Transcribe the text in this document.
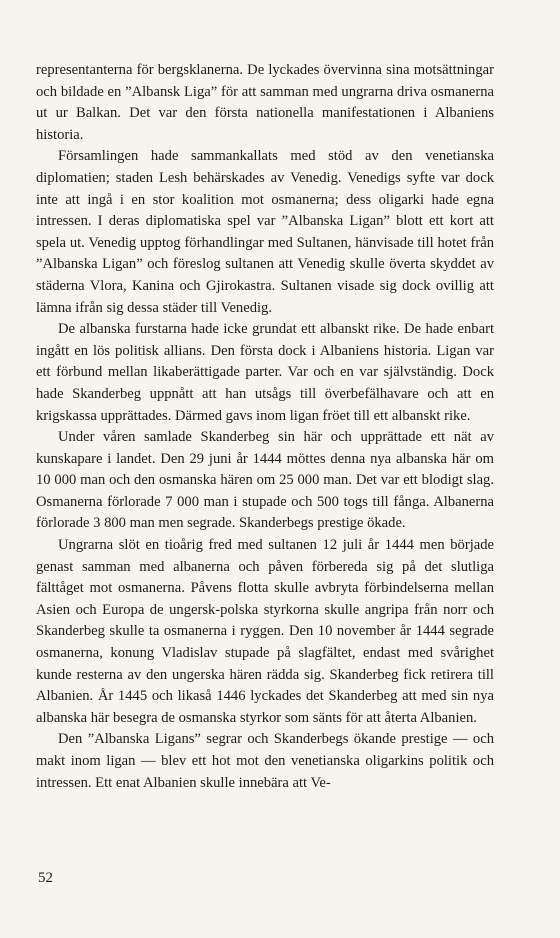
representanterna för bergsklanerna. De lyckades övervinna sina motsättningar och bildade en ”Albansk Liga” för att samman med ungrarna driva osmanerna ut ur Balkan. Det var den första nationella manifestationen i Albaniens historia.

Församlingen hade sammankallats med stöd av den venetianska diplomatien; staden Lesh behärskades av Venedig. Venedigs syfte var dock inte att ingå i en stor koalition mot osmanerna; dess oligarki hade egna intressen. I deras diplomatiska spel var ”Albanska Ligan” blott ett kort att spela ut. Venedig upptog förhandlingar med Sultanen, hänvisade till hotet från ”Albanska Ligan” och föreslog sultanen att Venedig skulle överta skyddet av städerna Vlora, Kanina och Gjirokastra. Sultanen visade sig dock ovillig att lämna ifrån sig dessa städer till Venedig.

De albanska furstarna hade icke grundat ett albanskt rike. De hade enbart ingått en lös politisk allians. Den första dock i Albaniens historia. Ligan var ett förbund mellan likaberättigade parter. Var och en var självständig. Dock hade Skanderbeg uppnått att han utsågs till överbefälhavare och att en krigskassa upprättades. Därmed gavs inom ligan fröet till ett albanskt rike.

Under våren samlade Skanderbeg sin här och upprättade ett nät av kunskapare i landet. Den 29 juni år 1444 möttes denna nya albanska här om 10 000 man och den osmanska hären om 25 000 man. Det var ett blodigt slag. Osmanerna förlorade 7 000 man i stupade och 500 togs till fånga. Albanerna förlorade 3 800 man men segrade. Skanderbegs prestige ökade.

Ungrarna slöt en tioårig fred med sultanen 12 juli år 1444 men började genast samman med albanerna och påven förbereda sig på det slutliga fälttåget mot osmanerna. Påvens flotta skulle avbryta förbindelserna mellan Asien och Europa de ungersk-polska styrkorna skulle angripa från norr och Skanderbeg skulle ta osmanerna i ryggen. Den 10 november år 1444 segrade osmanerna, konung Vladislav stupade på slagfältet, endast med svårighet kunde resterna av den ungerska hären rädda sig. Skanderbeg fick retirera till Albanien. År 1445 och likaså 1446 lyckades det Skanderbeg att med sin nya albanska här besegra de osmanska styrkor som sänts för att återta Albanien.

Den ”Albanska Ligans” segrar och Skanderbegs ökande prestige — och makt inom ligan — blev ett hot mot den venetianska oligarkins politik och intressen. Ett enat Albanien skulle innebära att Ve-

52
